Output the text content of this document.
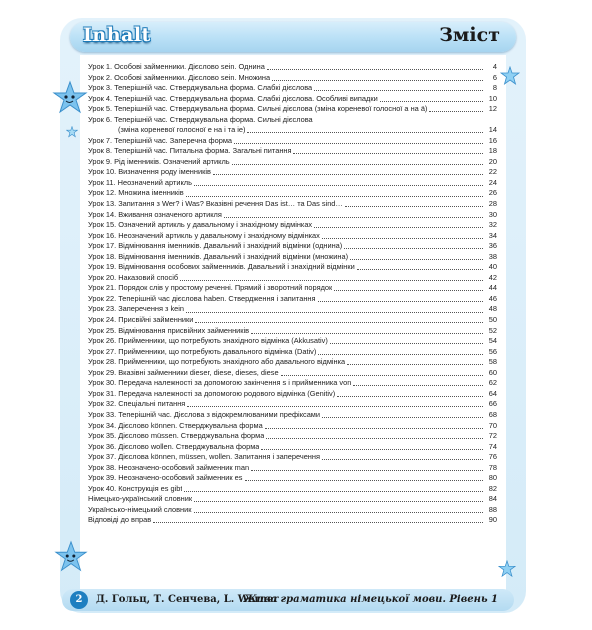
Inhalt	Зміст
Урок 1. Особові займенники. Дієслово sein. Однина	4
Урок 2. Особові займенники. Дієслово sein. Множина	6
Урок 3. Теперішній час. Стверджувальна форма. Слабкі дієслова	8
Урок 4. Теперішній час. Стверджувальна форма. Слабкі дієслова. Особливі випадки	10
Урок 5. Теперішній час. Стверджувальна форма. Сильні дієслова (зміна кореневої голосної a на ä)	12
Урок 6. Теперішній час. Стверджувальна форма. Сильні дієслова
(зміна кореневої голосної e на i та ie)	14
Урок 7. Теперішній час. Заперечна форма	16
Урок 8. Теперішній час. Питальна форма. Загальні питання	18
Урок 9. Рід іменників. Означений артикль	20
Урок 10. Визначення роду іменників	22
Урок 11. Неозначений артикль	24
Урок 12. Множина іменників	26
Урок 13. Запитання з Wer? і Was? Вказівні речення Das ist… та Das sind…	28
Урок 14. Вживання означеного артикля	30
Урок 15. Означений артикль у давальному і знахідному відмінках	32
Урок 16. Неозначений артикль у давальному і знахідному відмінках	34
Урок 17. Відмінювання іменників. Давальний і знахідний відмінки (однина)	36
Урок 18. Відмінювання іменників. Давальний і знахідний відмінки (множина)	38
Урок 19. Відмінювання особових займенників. Давальний і знахідний відмінки	40
Урок 20. Наказовий спосіб	42
Урок 21. Порядок слів у простому реченні. Прямий і зворотний порядок	44
Урок 22. Теперішній час дієслова haben. Ствердження і запитання	46
Урок 23. Заперечення з kein	48
Урок 24. Присвійні займенники	50
Урок 25. Відмінювання присвійних займенників	52
Урок 26. Прийменники, що потребують знахідного відмінка (Akkusativ)	54
Урок 27. Прийменники, що потребують давального відмінка (Dativ)	56
Урок 28. Прийменники, що потребують знахідного або давального відмінка	58
Урок 29. Вказівні займенники dieser, diese, dieses, diese	60
Урок 30. Передача належності за допомогою закінчення s і прийменника von	62
Урок 31. Передача належності за допомогою родового відмінка (Genitiv)	64
Урок 32. Спеціальні питання	66
Урок 33. Теперішній час. Дієслова з відокремлюваними префіксами	68
Урок 34. Дієслово können. Стверджувальна форма	70
Урок 35. Дієслово müssen. Стверджувальна форма	72
Урок 36. Дієслово wollen. Стверджувальна форма	74
Урок 37. Дієслова können, müssen, wollen. Запитання і заперечення	76
Урок 38. Неозначено-особовий займенник man	78
Урок 39. Неозначено-особовий займенник es	80
Урок 40. Конструкція es gibt	82
Німецько-український словник	84
Українсько-німецький словник	88
Відповіді до вправ	90
2	Д. Гольц, Т. Сенчева, L. Werner
Жива граматика німецької мови. Рівень 1
